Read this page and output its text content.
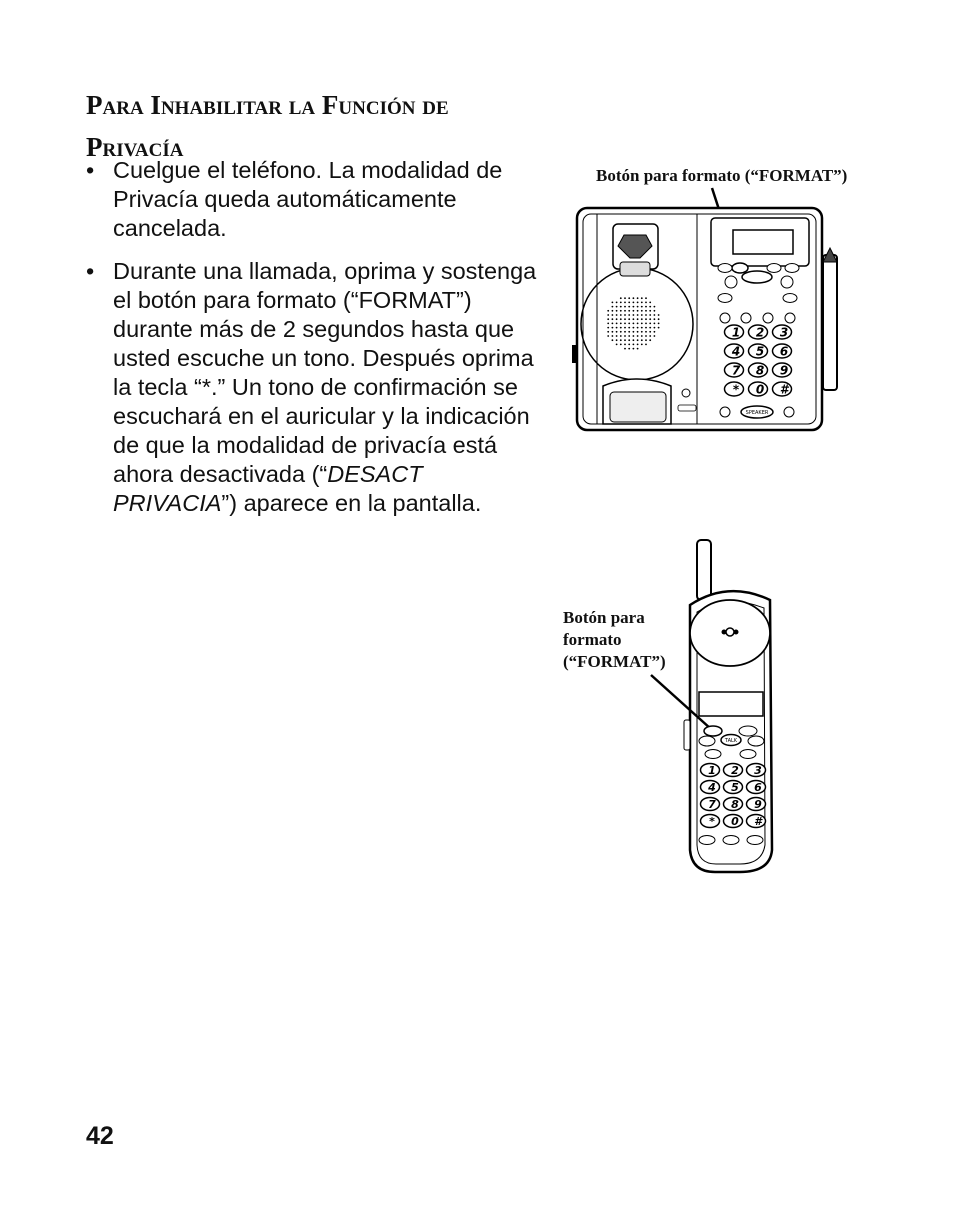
Para Inhabilitar la Función de
Privacía
• Cuelgue el teléfono. La modalidad de Privacía queda automáticamente cancelada.
• Durante una llamada, oprima y sostenga el botón para formato (“FORMAT”) durante más de 2 segundos hasta que usted escuche un tono. Después oprima la tecla “*.” Un tono de confirmación se escuchará en el auricular y la indicación de que la modalidad de privacía está ahora desactivada (“DESACT PRIVACIA”) aparece en la pantalla.
Botón para formato (“FORMAT”)
Botón para
formato
(“FORMAT”)
1 2 3
4 5 6
7 8 9
* 0 #
SPEAKER
TALK
1 2 3
4 5 6
7 8 9
* 0 #
42
